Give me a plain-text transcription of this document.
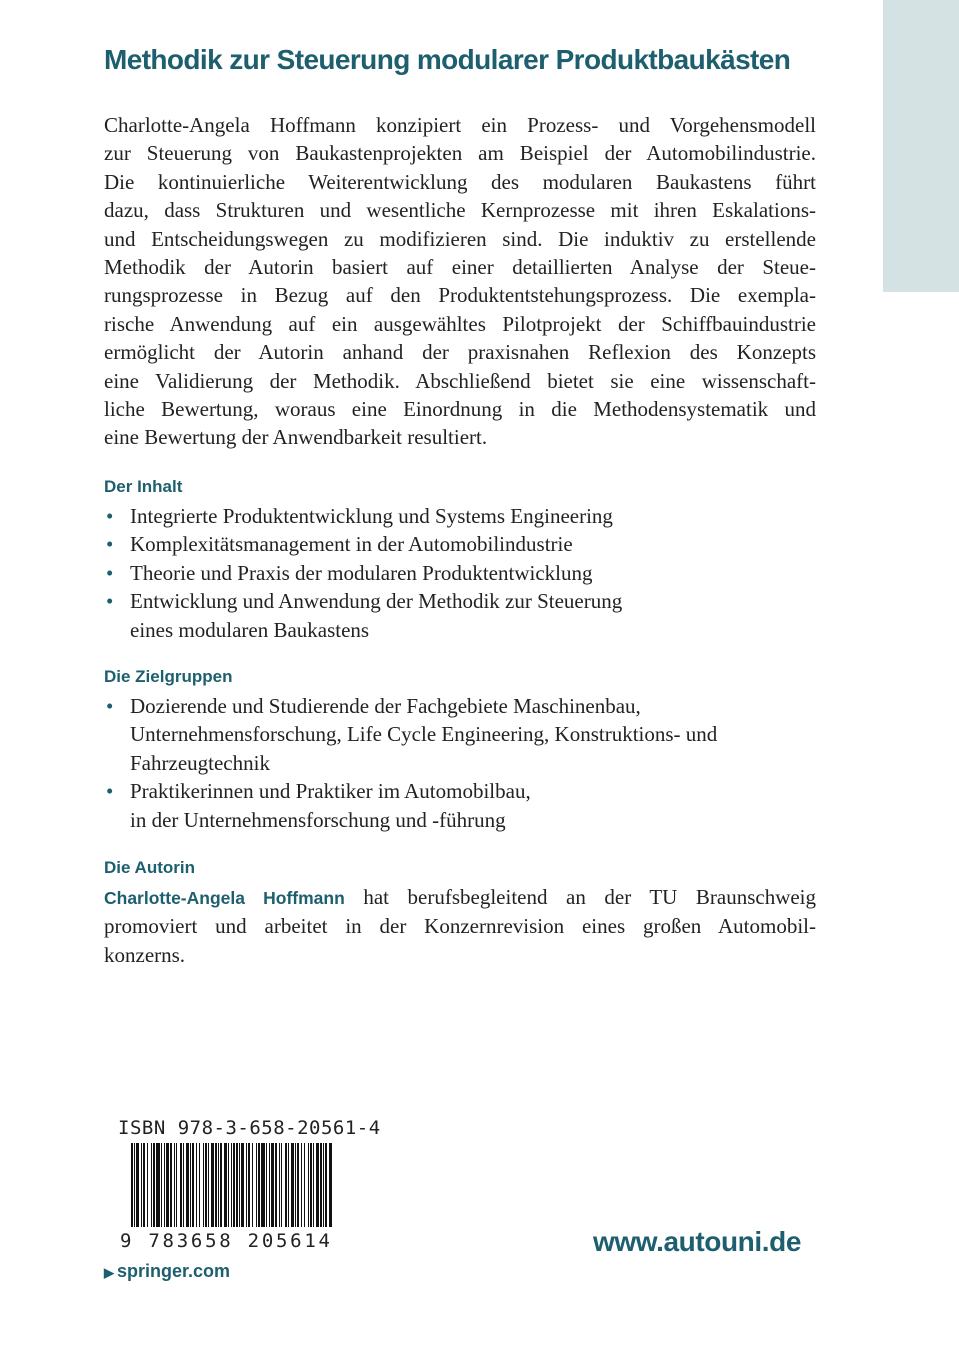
Methodik zur Steuerung modularer Produktbaukästen
Charlotte-Angela Hoffmann konzipiert ein Prozess- und Vorgehensmodell
zur Steuerung von Baukastenprojekten am Beispiel der Automobilindustrie.
Die kontinuierliche Weiterentwicklung des modularen Baukastens führt
dazu, dass Strukturen und wesentliche Kernprozesse mit ihren Eskalations-
und Entscheidungswegen zu modifizieren sind. Die induktiv zu erstellende
Methodik der Autorin basiert auf einer detaillierten Analyse der Steue-
rungsprozesse in Bezug auf den Produktentstehungsprozess. Die exempla-
rische Anwendung auf ein ausgewähltes Pilotprojekt der Schiffbauindustrie
ermöglicht der Autorin anhand der praxisnahen Reflexion des Konzepts
eine Validierung der Methodik. Abschließend bietet sie eine wissenschaft-
liche Bewertung, woraus eine Einordnung in die Methodensystematik und
eine Bewertung der Anwendbarkeit resultiert.
Der Inhalt
• Integrierte Produktentwicklung und Systems Engineering
• Komplexitätsmanagement in der Automobilindustrie
• Theorie und Praxis der modularen Produktentwicklung
• Entwicklung und Anwendung der Methodik zur Steuerung
eines modularen Baukastens
Die Zielgruppen
• Dozierende und Studierende der Fachgebiete Maschinenbau,
Unternehmensforschung, Life Cycle Engineering, Konstruktions- und
Fahrzeugtechnik
• Praktikerinnen und Praktiker im Automobilbau,
in der Unternehmensforschung und -führung
Die Autorin
Charlotte-Angela Hoffmann hat berufsbegleitend an der TU Braunschweig
promoviert und arbeitet in der Konzernrevision eines großen Automobil-
konzerns.
ISBN 978-3-658-20561-4
9 783658 205614
▶ springer.com
www.autouni.de
